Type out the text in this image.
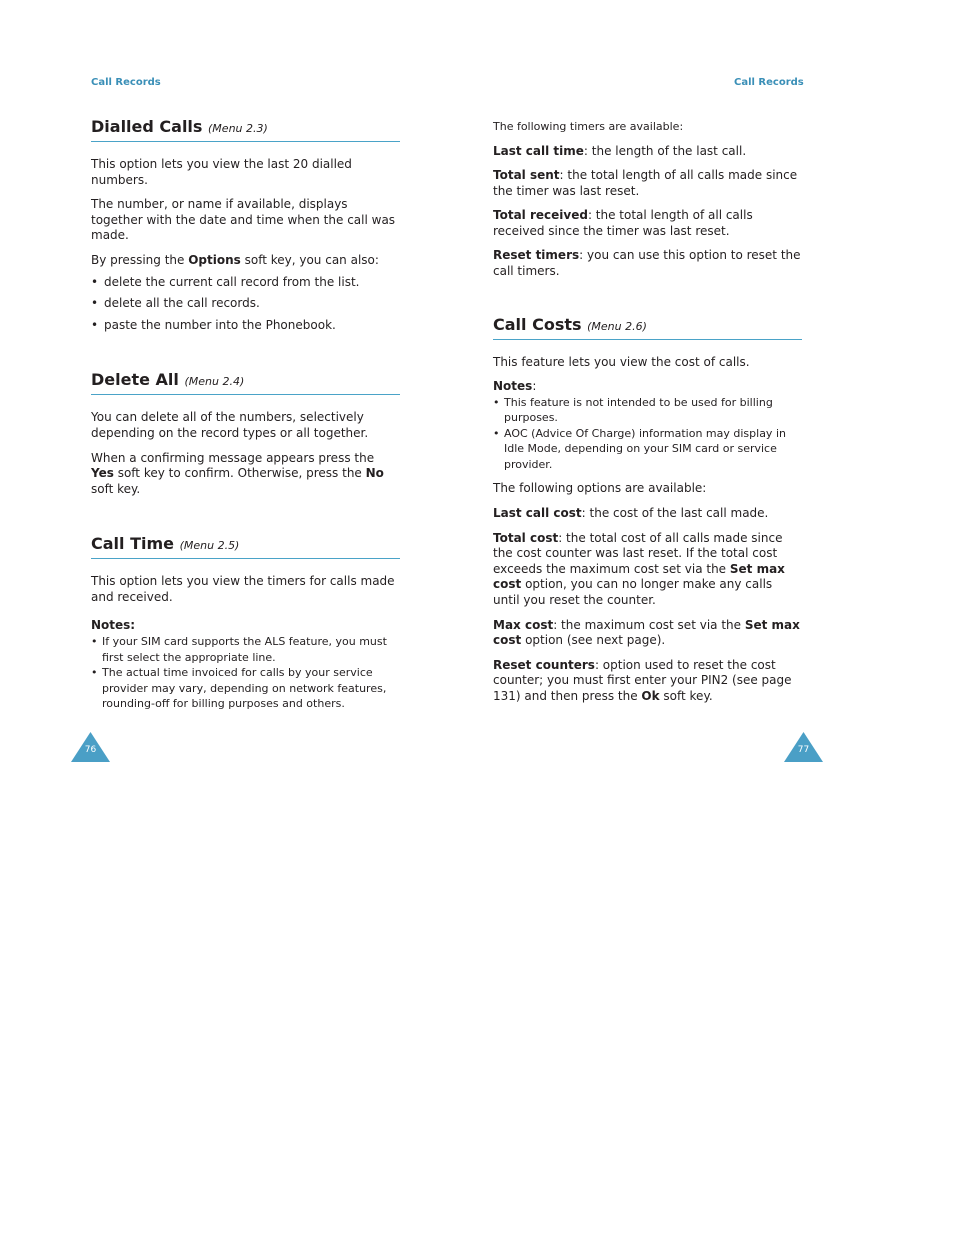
Call Records	Call Records
Dialled Calls (Menu 2.3)

This option lets you view the last 20 dialled numbers.

The number, or name if available, displays together with the date and time when the call was made.

By pressing the Options soft key, you can also:

• delete the current call record from the list.
• delete all the call records.
• paste the number into the Phonebook.
Delete All (Menu 2.4)

You can delete all of the numbers, selectively depending on the record types or all together.

When a confirming message appears press the Yes soft key to confirm. Otherwise, press the No soft key.

Call Time (Menu 2.5)

This option lets you view the timers for calls made and received.

Notes:

• If your SIM card supports the ALS feature, you must first select the appropriate line.
• The actual time invoiced for calls by your service provider may vary, depending on network features, rounding-off for billing purposes and others.

The following timers are available:

Last call time: the length of the last call.

Total sent: the total length of all calls made since the timer was last reset.

Total received: the total length of all calls received since the timer was last reset.

Reset timers: you can use this option to reset the call timers.

Call Costs (Menu 2.6)

This feature lets you view the cost of calls.

Notes:

• This feature is not intended to be used for billing purposes.
• AOC (Advice Of Charge) information may display in Idle Mode, depending on your SIM card or service provider.

The following options are available:

Last call cost: the cost of the last call made.

Total cost: the total cost of all calls made since the cost counter was last reset. If the total cost exceeds the maximum cost set via the Set max cost option, you can no longer make any calls until you reset the counter.

Max cost: the maximum cost set via the Set max cost option (see next page).

Reset counters: option used to reset the cost counter; you must first enter your PIN2 (see page 131) and then press the Ok soft key.

76	77
